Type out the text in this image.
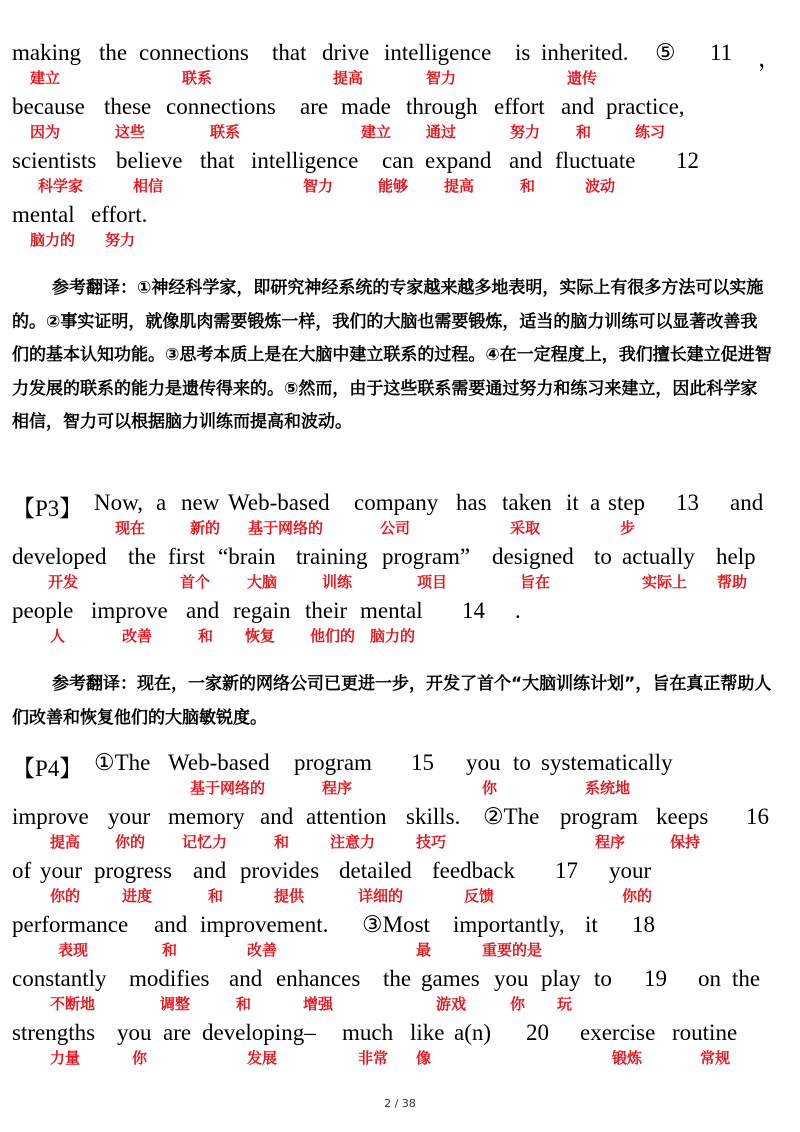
making the connections that drive intelligence is inherited. ⑤ 11 ，
建立	联系	提高	智力	遗传
because these connections are made through effort and practice,
因为	这些	联系	建立 通过	努力 和	练习
scientists believe that intelligence can expand and fluctuate 12
科学家	相信	智力	能够 提高	和	波动
mental effort.
脑力的 努力
参考翻译：①神经科学家，即研究神经系统的专家越来越多地表明，实际上有很多方法可以实施的。②事实证明，就像肌肉需要锻炼一样，我们的大脑也需要锻炼，适当的脑力训练可以显著改善我们的基本认知功能。③思考本质上是在大脑中建立联系的过程。④在一定程度上，我们擅长建立促进智力发展的联系的能力是遗传得来的。⑤然而，由于这些联系需要通过努力和练习来建立，因此科学家相信，智力可以根据脑力训练而提高和波动。
【P3】 Now, a new Web-based company has taken it a step 13 and
现在	新的 基于网络的	公司	采取	步
developed the first “brain training program” designed to actually help
开发	首个 大脑	训练	项目	旨在	实际上 帮助
people improve and regain their mental 14 .
人	改善	和 恢复 他们的 脑力的
参考翻译：现在，一家新的网络公司已更进一步，开发了首个“大脑训练计划”，旨在真正帮助人们改善和恢复他们的大脑敏锐度。
【P4】 ①The Web-based program 15 you to systematically
基于网络的	程序	你	系统地
improve your memory and attention skills. ②The program keeps 16
提高 你的 记忆力	和	注意力	技巧	程序	保持
of your progress and provides detailed feedback 17 your
你的	进度	和	提供	详细的	反馈	你的
performance and improvement. ③Most importantly, it 18
表现	和	改善	最	重要的是
constantly modifies and enhances the games you play to 19 on the
不断地	调整	和	增强	游戏	你 玩
strengths you are developing– much like a(n) 20 exercise routine
力量	你	发展	非常 像	锻炼	常规
2 / 38
